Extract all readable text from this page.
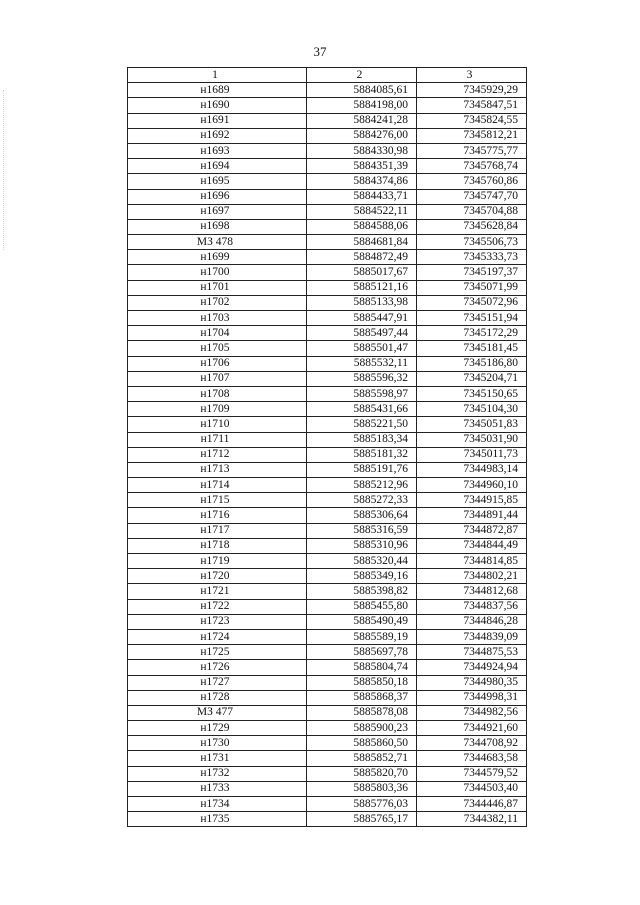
37
1	2	3
н1689	5884085,61	7345929,29
н1690	5884198,00	7345847,51
н1691	5884241,28	7345824,55
н1692	5884276,00	7345812,21
н1693	5884330,98	7345775,77
н1694	5884351,39	7345768,74
н1695	5884374,86	7345760,86
н1696	5884433,71	7345747,70
н1697	5884522,11	7345704,88
н1698	5884588,06	7345628,84
МЗ 478	5884681,84	7345506,73
н1699	5884872,49	7345333,73
н1700	5885017,67	7345197,37
н1701	5885121,16	7345071,99
н1702	5885133,98	7345072,96
н1703	5885447,91	7345151,94
н1704	5885497,44	7345172,29
н1705	5885501,47	7345181,45
н1706	5885532,11	7345186,80
н1707	5885596,32	7345204,71
н1708	5885598,97	7345150,65
н1709	5885431,66	7345104,30
н1710	5885221,50	7345051,83
н1711	5885183,34	7345031,90
н1712	5885181,32	7345011,73
н1713	5885191,76	7344983,14
н1714	5885212,96	7344960,10
н1715	5885272,33	7344915,85
н1716	5885306,64	7344891,44
н1717	5885316,59	7344872,87
н1718	5885310,96	7344844,49
н1719	5885320,44	7344814,85
н1720	5885349,16	7344802,21
н1721	5885398,82	7344812,68
н1722	5885455,80	7344837,56
н1723	5885490,49	7344846,28
н1724	5885589,19	7344839,09
н1725	5885697,78	7344875,53
н1726	5885804,74	7344924,94
н1727	5885850,18	7344980,35
н1728	5885868,37	7344998,31
МЗ 477	5885878,08	7344982,56
н1729	5885900,23	7344921,60
н1730	5885860,50	7344708,92
н1731	5885852,71	7344683,58
н1732	5885820,70	7344579,52
н1733	5885803,36	7344503,40
н1734	5885776,03	7344446,87
н1735	5885765,17	7344382,11
